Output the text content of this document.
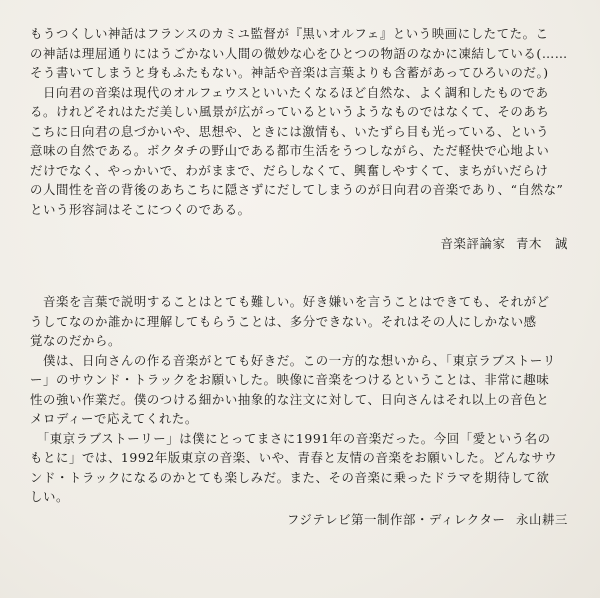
もうつくしい神話はフランスのカミユ監督が『黒いオルフェ』という映画にしたてた。こ
の神話は理屈通りにはうごかない人間の微妙な心をひとつの物語のなかに凍結している(……
そう書いてしまうと身もふたもない。神話や音楽は言葉よりも含蓄があってひろいのだ。)
　日向君の音楽は現代のオルフェウスといいたくなるほど自然な、よく調和したものであ
る。けれどそれはただ美しい風景が広がっているというようなものではなくて、そのあち
こちに日向君の息づかいや、思想や、ときには激情も、いたずら目も光っている、という
意味の自然である。ボクタチの野山である都市生活をうつしながら、ただ軽快で心地よい
だけでなく、やっかいで、わがままで、だらしなくて、興奮しやすくて、まちがいだらけ
の人間性を音の背後のあちこちに隠さずにだしてしまうのが日向君の音楽であり、“自然な”
という形容詞はそこにつくのである。
音楽評論家 青木　誠
　音楽を言葉で説明することはとても難しい。好き嫌いを言うことはできても、それがど
うしてなのか誰かに理解してもらうことは、多分できない。それはその人にしかない感
覚なのだから。
　僕は、日向さんの作る音楽がとても好きだ。この一方的な想いから、「東京ラブストーリ
ー」のサウンド・トラックをお願いした。映像に音楽をつけるということは、非常に趣味
性の強い作業だ。僕のつける細かい抽象的な注文に対して、日向さんはそれ以上の音色と
メロディーで応えてくれた。
　「東京ラブストーリー」は僕にとってまさに1991年の音楽だった。今回「愛という名の
もとに」では、1992年版東京の音楽、いや、青春と友情の音楽をお願いした。どんなサウ
ンド・トラックになるのかとても楽しみだ。また、その音楽に乗ったドラマを期待して欲
しい。
フジテレビ第一制作部・ディレクター 永山耕三
